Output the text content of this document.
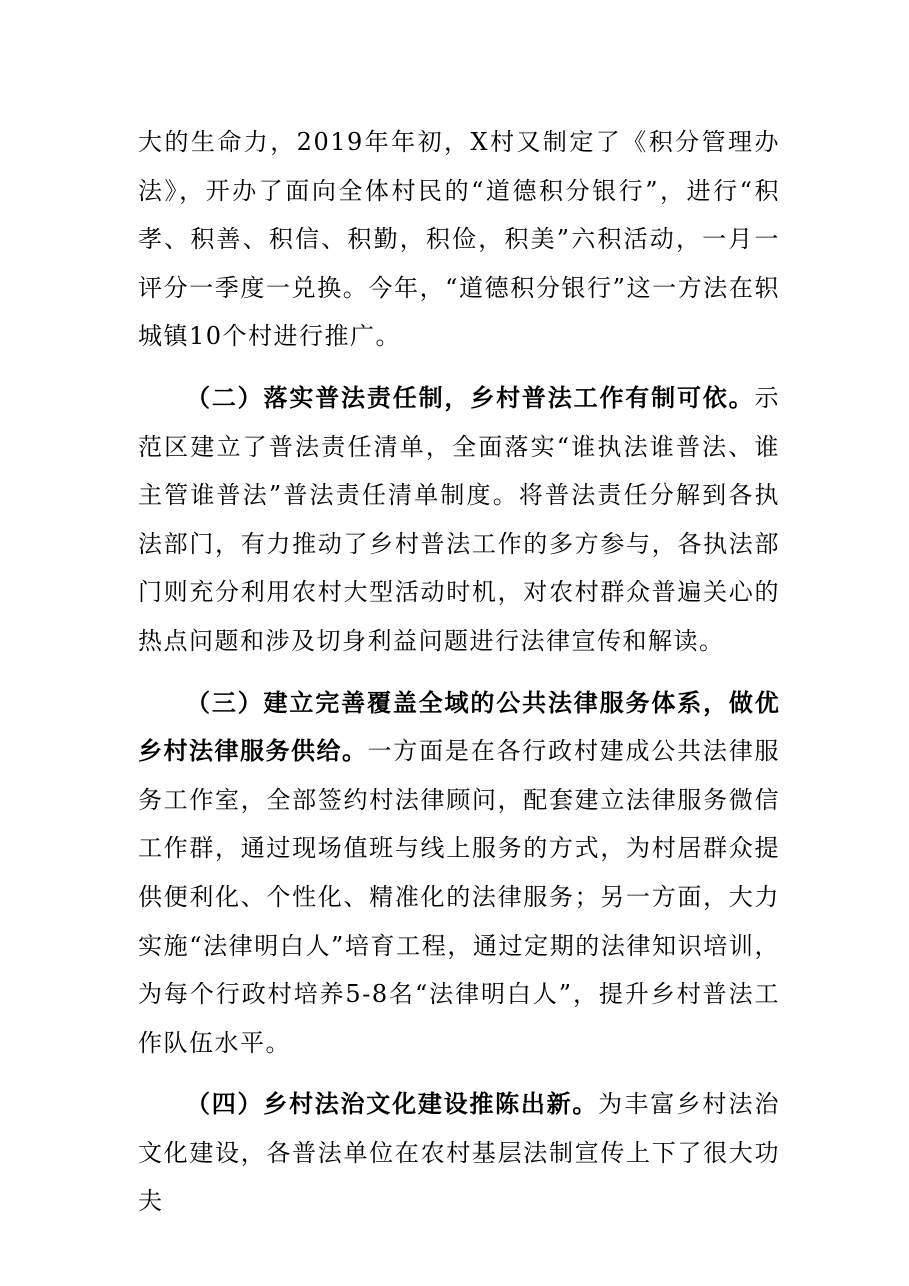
大的生命力，2019年年初，X村又制定了《积分管理办法》，开办了面向全体村民的“道德积分银行”，进行“积孝、积善、积信、积勤，积俭，积美”六积活动，一月一评分一季度一兑换。今年，“道德积分银行”这一方法在轵城镇10个村进行推广。

（二）落实普法责任制，乡村普法工作有制可依。示范区建立了普法责任清单，全面落实“谁执法谁普法、谁主管谁普法”普法责任清单制度。将普法责任分解到各执法部门，有力推动了乡村普法工作的多方参与，各执法部门则充分利用农村大型活动时机，对农村群众普遍关心的热点问题和涉及切身利益问题进行法律宣传和解读。

（三）建立完善覆盖全域的公共法律服务体系，做优乡村法律服务供给。一方面是在各行政村建成公共法律服务工作室，全部签约村法律顾问，配套建立法律服务微信工作群，通过现场值班与线上服务的方式，为村居群众提供便利化、个性化、精准化的法律服务；另一方面，大力实施“法律明白人”培育工程，通过定期的法律知识培训，为每个行政村培养5-8名“法律明白人”，提升乡村普法工作队伍水平。

（四）乡村法治文化建设推陈出新。为丰富乡村法治文化建设，各普法单位在农村基层法制宣传上下了很大功夫
